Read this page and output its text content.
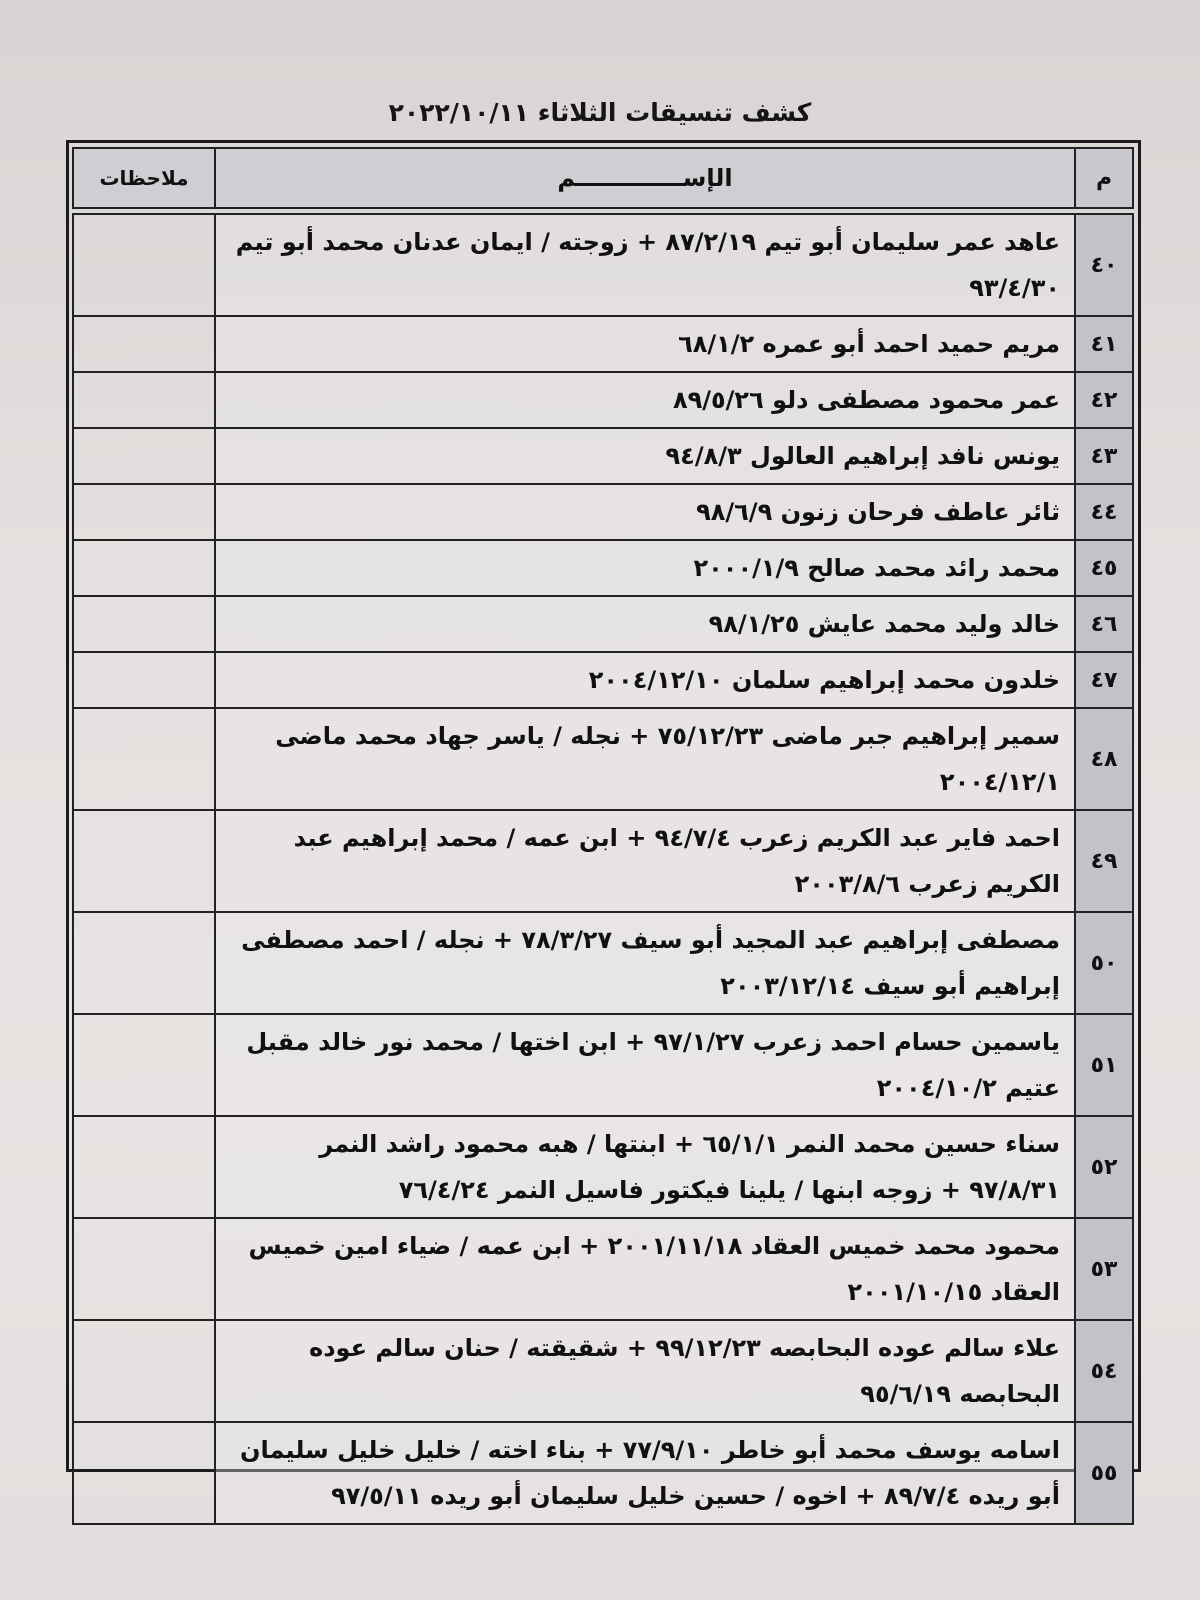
كشف تنسيقات الثلاثاء ٢٠٢٢/١٠/١١
م	الإســـــــــــــم	ملاحظات

٤٠	عاهد عمر سليمان أبو تيم ٨٧/٢/١٩ + زوجته / ايمان عدنان محمد أبو تيم ٩٣/٤/٣٠	
٤١	مريم حميد احمد أبو عمره ٦٨/١/٢	
٤٢	عمر محمود مصطفى دلو ٨٩/٥/٢٦	
٤٣	يونس نافد إبراهيم العالول ٩٤/٨/٣	
٤٤	ثائر عاطف فرحان زنون ٩٨/٦/٩	
٤٥	محمد رائد محمد صالح ٢٠٠٠/١/٩	
٤٦	خالد وليد محمد عايش ٩٨/١/٢٥	
٤٧	خلدون محمد إبراهيم سلمان ٢٠٠٤/١٢/١٠	
٤٨	سمير إبراهيم جبر ماضى ٧٥/١٢/٢٣ + نجله / ياسر جهاد محمد ماضى ٢٠٠٤/١٢/١	
٤٩	احمد فاير عبد الكريم زعرب ٩٤/٧/٤ + ابن عمه / محمد إبراهيم عبد الكريم زعرب ٢٠٠٣/٨/٦	
٥٠	مصطفى إبراهيم عبد المجيد أبو سيف ٧٨/٣/٢٧ + نجله / احمد مصطفى إبراهيم أبو سيف ٢٠٠٣/١٢/١٤	
٥١	ياسمين حسام احمد زعرب ٩٧/١/٢٧ + ابن اختها / محمد نور خالد مقبل عتيم ٢٠٠٤/١٠/٢	
٥٢	سناء حسين محمد النمر ٦٥/١/١ + ابنتها / هبه محمود راشد النمر ٩٧/٨/٣١ + زوجه ابنها / يلينا فيكتور فاسيل النمر ٧٦/٤/٢٤	
٥٣	محمود محمد خميس العقاد ٢٠٠١/١١/١٨ + ابن عمه / ضياء امين خميس العقاد ٢٠٠١/١٠/١٥	
٥٤	علاء سالم عوده البحابصه ٩٩/١٢/٢٣ + شقيقته / حنان سالم عوده البحابصه ٩٥/٦/١٩	
٥٥	اسامه يوسف محمد أبو خاطر ٧٧/٩/١٠ + بناء اخته / خليل خليل سليمان أبو ريده ٨٩/٧/٤ + اخوه / حسين خليل سليمان أبو ريده ٩٧/٥/١١	
